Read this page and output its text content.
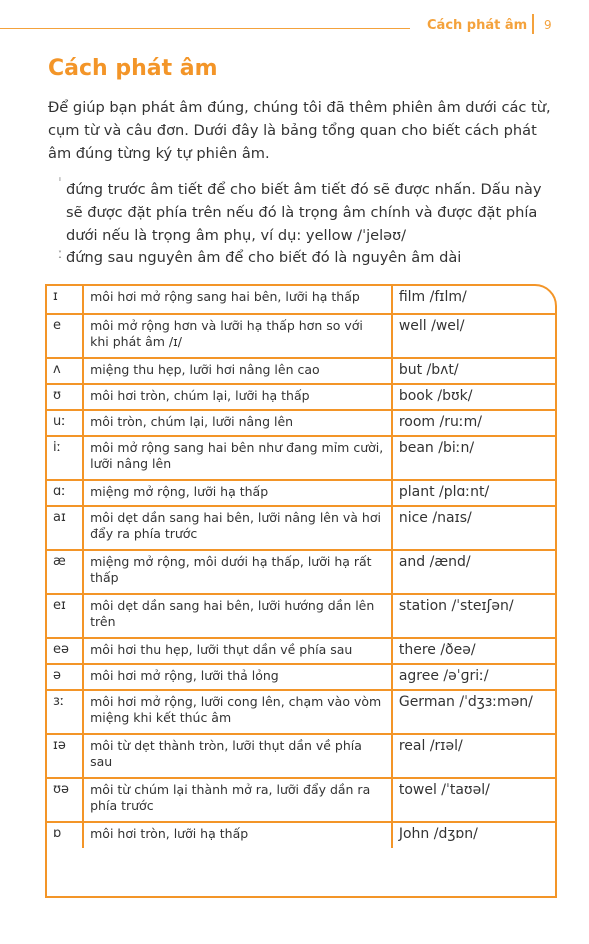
Cách phát âm 9
Cách phát âm
Để giúp bạn phát âm đúng, chúng tôi đã thêm phiên âm dưới các từ, cụm từ và câu đơn. Dưới đây là bảng tổng quan cho biết cách phát âm đúng từng ký tự phiên âm.
ˈ đứng trước âm tiết để cho biết âm tiết đó sẽ được nhấn. Dấu này sẽ được đặt phía trên nếu đó là trọng âm chính và được đặt phía dưới nếu là trọng âm phụ, ví dụ: yellow /ˈjeləʊ/
ː đứng sau nguyên âm để cho biết đó là nguyên âm dài
ɪ	môi hơi mở rộng sang hai bên, lưỡi hạ thấp	film /fɪlm/
e	môi mở rộng hơn và lưỡi hạ thấp hơn so với khi phát âm /ɪ/	well /wel/
ʌ	miệng thu hẹp, lưỡi hơi nâng lên cao	but /bʌt/
ʊ	môi hơi tròn, chúm lại, lưỡi hạ thấp	book /bʊk/
uː	môi tròn, chúm lại, lưỡi nâng lên	room /ruːm/
iː	môi mở rộng sang hai bên như đang mỉm cười, lưỡi nâng lên	bean /biːn/
ɑː	miệng mở rộng, lưỡi hạ thấp	plant /plɑːnt/
aɪ	môi dẹt dần sang hai bên, lưỡi nâng lên và hơi đẩy ra phía trước	nice /naɪs/
æ	miệng mở rộng, môi dưới hạ thấp, lưỡi hạ rất thấp	and /ænd/
eɪ	môi dẹt dần sang hai bên, lưỡi hướng dần lên trên	station /ˈsteɪʃən/
eə	môi hơi thu hẹp, lưỡi thụt dần về phía sau	there /ðeə/
ə	môi hơi mở rộng, lưỡi thả lỏng	agree /əˈɡriː/
ɜː	môi hơi mở rộng, lưỡi cong lên, chạm vào vòm miệng khi kết thúc âm	German /ˈdʒɜːmən/
ɪə	môi từ dẹt thành tròn, lưỡi thụt dần về phía sau	real /rɪəl/
ʊə	môi từ chúm lại thành mở ra, lưỡi đẩy dần ra phía trước	towel /ˈtaʊəl/
ɒ	môi hơi tròn, lưỡi hạ thấp	John /dʒɒn/
